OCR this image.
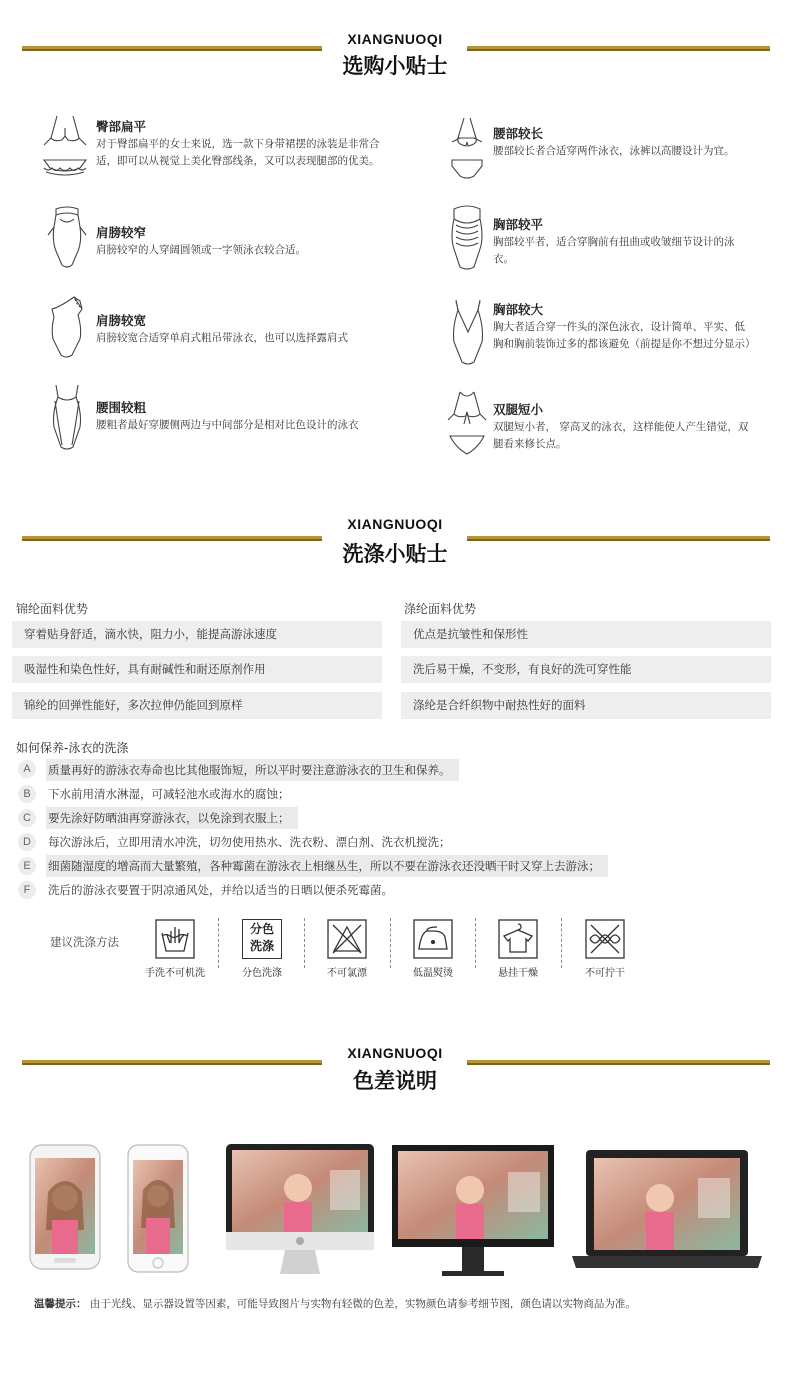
XIANGNUOQI
选购小贴士
臀部扁平
对于臀部扁平的女士来说，选一款下身带裙摆的泳装是非常合适，即可以从视觉上美化臀部线条，又可以表现腿部的优美。
肩膀较窄
肩膀较窄的人穿阔圆领或一字领泳衣较合适。
肩膀较宽
肩膀较宽合适穿单肩式粗吊带泳衣，也可以选择露肩式
腰围较粗
腰粗者最好穿腰侧两边与中间部分是相对比色设计的泳衣
腰部较长
腰部较长者合适穿两件泳衣，泳裤以高腰设计为宜。
胸部较平
胸部较平者，适合穿胸前有扭曲或收皱细节设计的泳衣。
胸部较大
胸大者适合穿一件头的深色泳衣，设计简单、平实、低胸和胸前装饰过多的都该避免（前提是你不想过分显示）
双腿短小
双腿短小者， 穿高叉的泳衣，这样能使人产生错觉，双腿看来修长点。
XIANGNUOQI
洗涤小贴士
锦纶面料优势
穿着贴身舒适，滴水快，阻力小，能提高游泳速度
吸湿性和染色性好，具有耐碱性和耐还原剂作用
锦纶的回弹性能好，多次拉伸仍能回到原样
涤纶面料优势
优点是抗皱性和保形性
洗后易干燥，不变形，有良好的洗可穿性能
涤纶是合纤织物中耐热性好的面料
如何保养-泳衣的洗涤
A	质量再好的游泳衣寿命也比其他服饰短，所以平时要注意游泳衣的卫生和保养。
B	下水前用清水淋湿，可减轻池水或海水的腐蚀；
C	要先涂好防晒油再穿游泳衣，以免涂到衣服上；
D	每次游泳后，立即用清水冲洗，切勿使用热水、洗衣粉、漂白剂、洗衣机搅洗；
E	细菌随湿度的增高而大量繁殖，各种霉菌在游泳衣上相继丛生，所以不要在游泳衣还没晒干时又穿上去游泳；
F	洗后的游泳衣要置于阴凉通风处，并给以适当的日晒以便杀死霉菌。
建议洗涤方法
手洗不可机洗
分色
洗涤
分色洗涤	不可氯漂	低温熨烫	悬挂干燥	不可拧干
XIANGNUOQI
色差说明
温馨提示： 由于光线、显示器设置等因素，可能导致图片与实物有轻微的色差，实物颜色请参考细节图，颜色请以实物商品为准。
